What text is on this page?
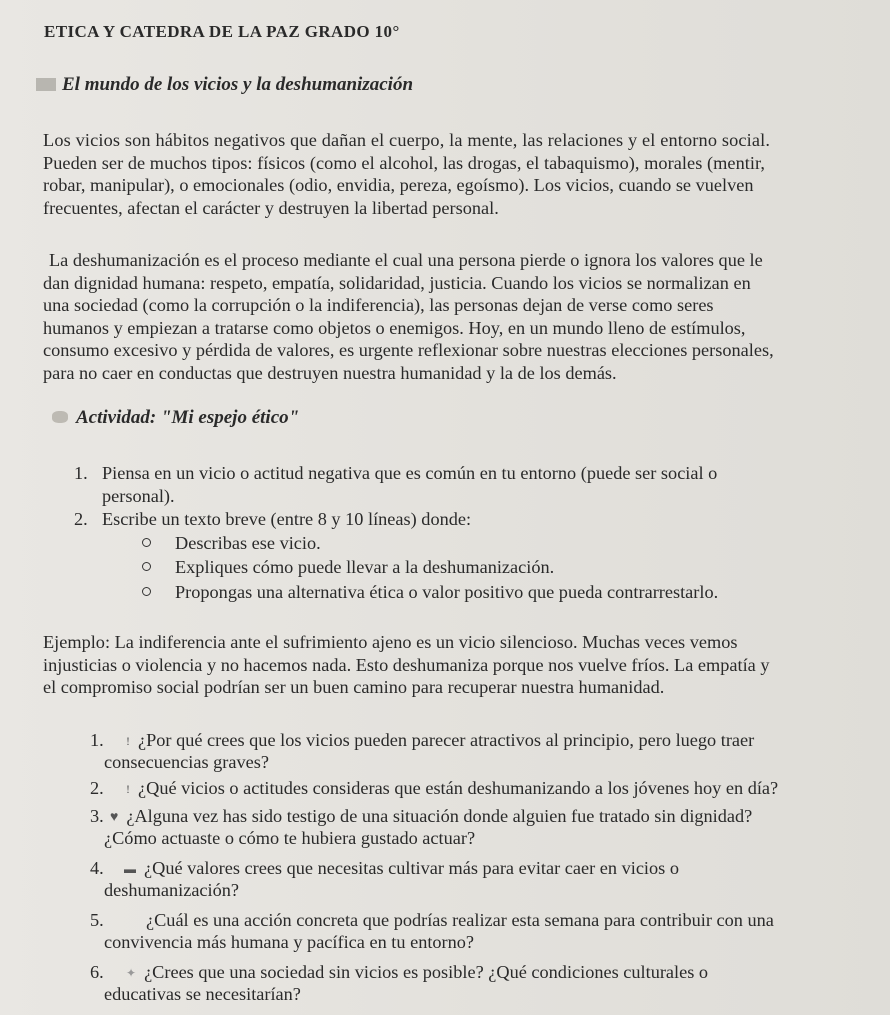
ETICA Y CATEDRA DE LA PAZ GRADO 10°
El mundo de los vicios y la deshumanización
Los vicios son hábitos negativos que dañan el cuerpo, la mente, las relaciones y el entorno social.
Pueden ser de muchos tipos: físicos (como el alcohol, las drogas, el tabaquismo), morales (mentir,
robar, manipular), o emocionales (odio, envidia, pereza, egoísmo). Los vicios, cuando se vuelven
frecuentes, afectan el carácter y destruyen la libertad personal.
La deshumanización es el proceso mediante el cual una persona pierde o ignora los valores que le
dan dignidad humana: respeto, empatía, solidaridad, justicia. Cuando los vicios se normalizan en
una sociedad (como la corrupción o la indiferencia), las personas dejan de verse como seres
humanos y empiezan a tratarse como objetos o enemigos. Hoy, en un mundo lleno de estímulos,
consumo excesivo y pérdida de valores, es urgente reflexionar sobre nuestras elecciones personales,
para no caer en conductas que destruyen nuestra humanidad y la de los demás.
Actividad: "Mi espejo ético"
1. Piensa en un vicio o actitud negativa que es común en tu entorno (puede ser social o
personal).
2. Escribe un texto breve (entre 8 y 10 líneas) donde:
Describas ese vicio.
Expliques cómo puede llevar a la deshumanización.
Propongas una alternativa ética o valor positivo que pueda contrarrestarlo.
Ejemplo: La indiferencia ante el sufrimiento ajeno es un vicio silencioso. Muchas veces vemos
injusticias o violencia y no hacemos nada. Esto deshumaniza porque nos vuelve fríos. La empatía y
el compromiso social podrían ser un buen camino para recuperar nuestra humanidad.
1. ! ¿Por qué crees que los vicios pueden parecer atractivos al principio, pero luego traer
consecuencias graves?
2. ! ¿Qué vicios o actitudes consideras que están deshumanizando a los jóvenes hoy en día?
3. ♥ ¿Alguna vez has sido testigo de una situación donde alguien fue tratado sin dignidad?
¿Cómo actuaste o cómo te hubiera gustado actuar?
4. ▬ ¿Qué valores crees que necesitas cultivar más para evitar caer en vicios o
deshumanización?
5. ¿Cuál es una acción concreta que podrías realizar esta semana para contribuir con una
convivencia más humana y pacífica en tu entorno?
6. ✦ ¿Crees que una sociedad sin vicios es posible? ¿Qué condiciones culturales o
educativas se necesitarían?
